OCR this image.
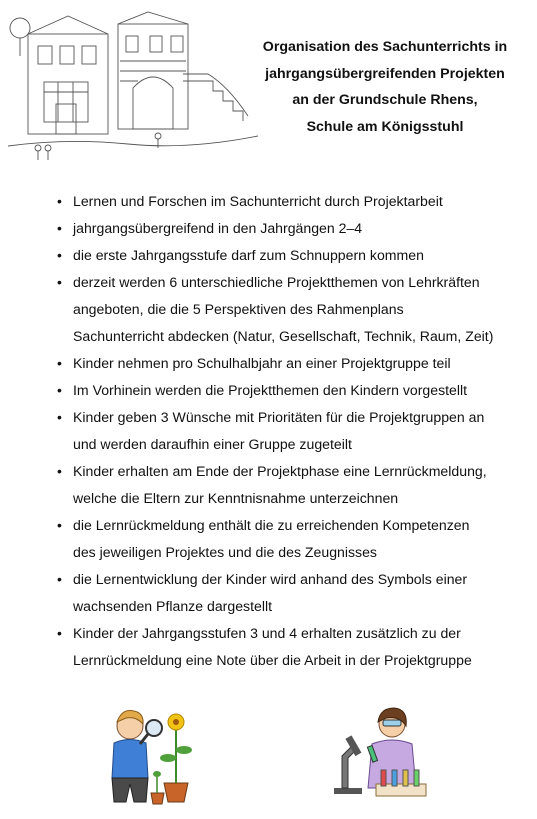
Organisation des Sachunterrichts in
jahrgangsübergreifenden Projekten
an der Grundschule Rhens,
Schule am Königsstuhl
• Lernen und Forschen im Sachunterricht durch Projektarbeit
• jahrgangsübergreifend in den Jahrgängen 2–4
• die erste Jahrgangsstufe darf zum Schnuppern kommen
• derzeit werden 6 unterschiedliche Projektthemen von Lehrkräften
angeboten, die die 5 Perspektiven des Rahmenplans
Sachunterricht abdecken (Natur, Gesellschaft, Technik, Raum, Zeit)
• Kinder nehmen pro Schulhalbjahr an einer Projektgruppe teil
• Im Vorhinein werden die Projektthemen den Kindern vorgestellt
• Kinder geben 3 Wünsche mit Prioritäten für die Projektgruppen an
und werden daraufhin einer Gruppe zugeteilt
• Kinder erhalten am Ende der Projektphase eine Lernrückmeldung,
welche die Eltern zur Kenntnisnahme unterzeichnen
• die Lernrückmeldung enthält die zu erreichenden Kompetenzen
des jeweiligen Projektes und die des Zeugnisses
• die Lernentwicklung der Kinder wird anhand des Symbols einer
wachsenden Pflanze dargestellt
• Kinder der Jahrgangsstufen 3 und 4 erhalten zusätzlich zu der
Lernrückmeldung eine Note über die Arbeit in der Projektgruppe
